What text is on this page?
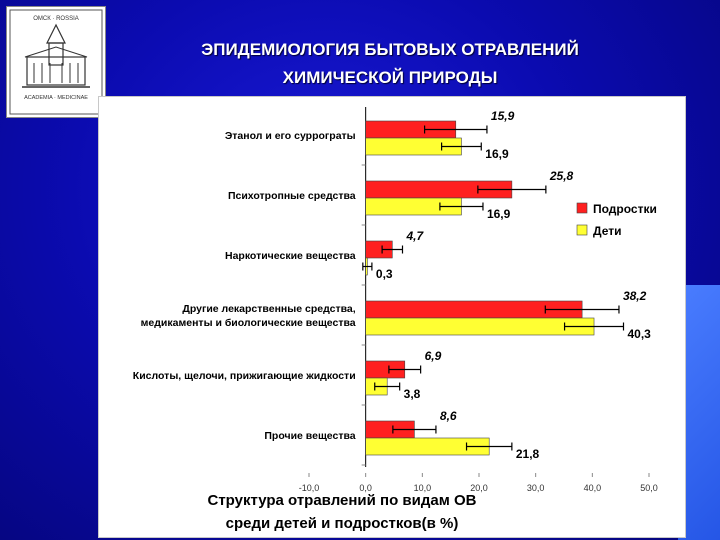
ОМСК · ROSSIA
ACADEMIA · MEDICINAE
ЭПИДЕМИОЛОГИЯ БЫТОВЫХ ОТРАВЛЕНИЙ
ХИМИЧЕСКОЙ ПРИРОДЫ
Этанол и его суррограты
15,9
16,9
Психотропные средства
25,8
16,9
Наркотические вещества
4,7
0,3
Другие лекарственные средства, медикаменты и биологические вещества
38,2
40,3
Кислоты, щелочи, прижигающие жидкости
6,9
3,8
Прочие вещества
8,6
21,8
-10,0	0,0	10,0	20,0	30,0	40,0	50,0
Подростки
Дети
Структура отравлений по видам ОВ
среди детей и подростков(в %)
